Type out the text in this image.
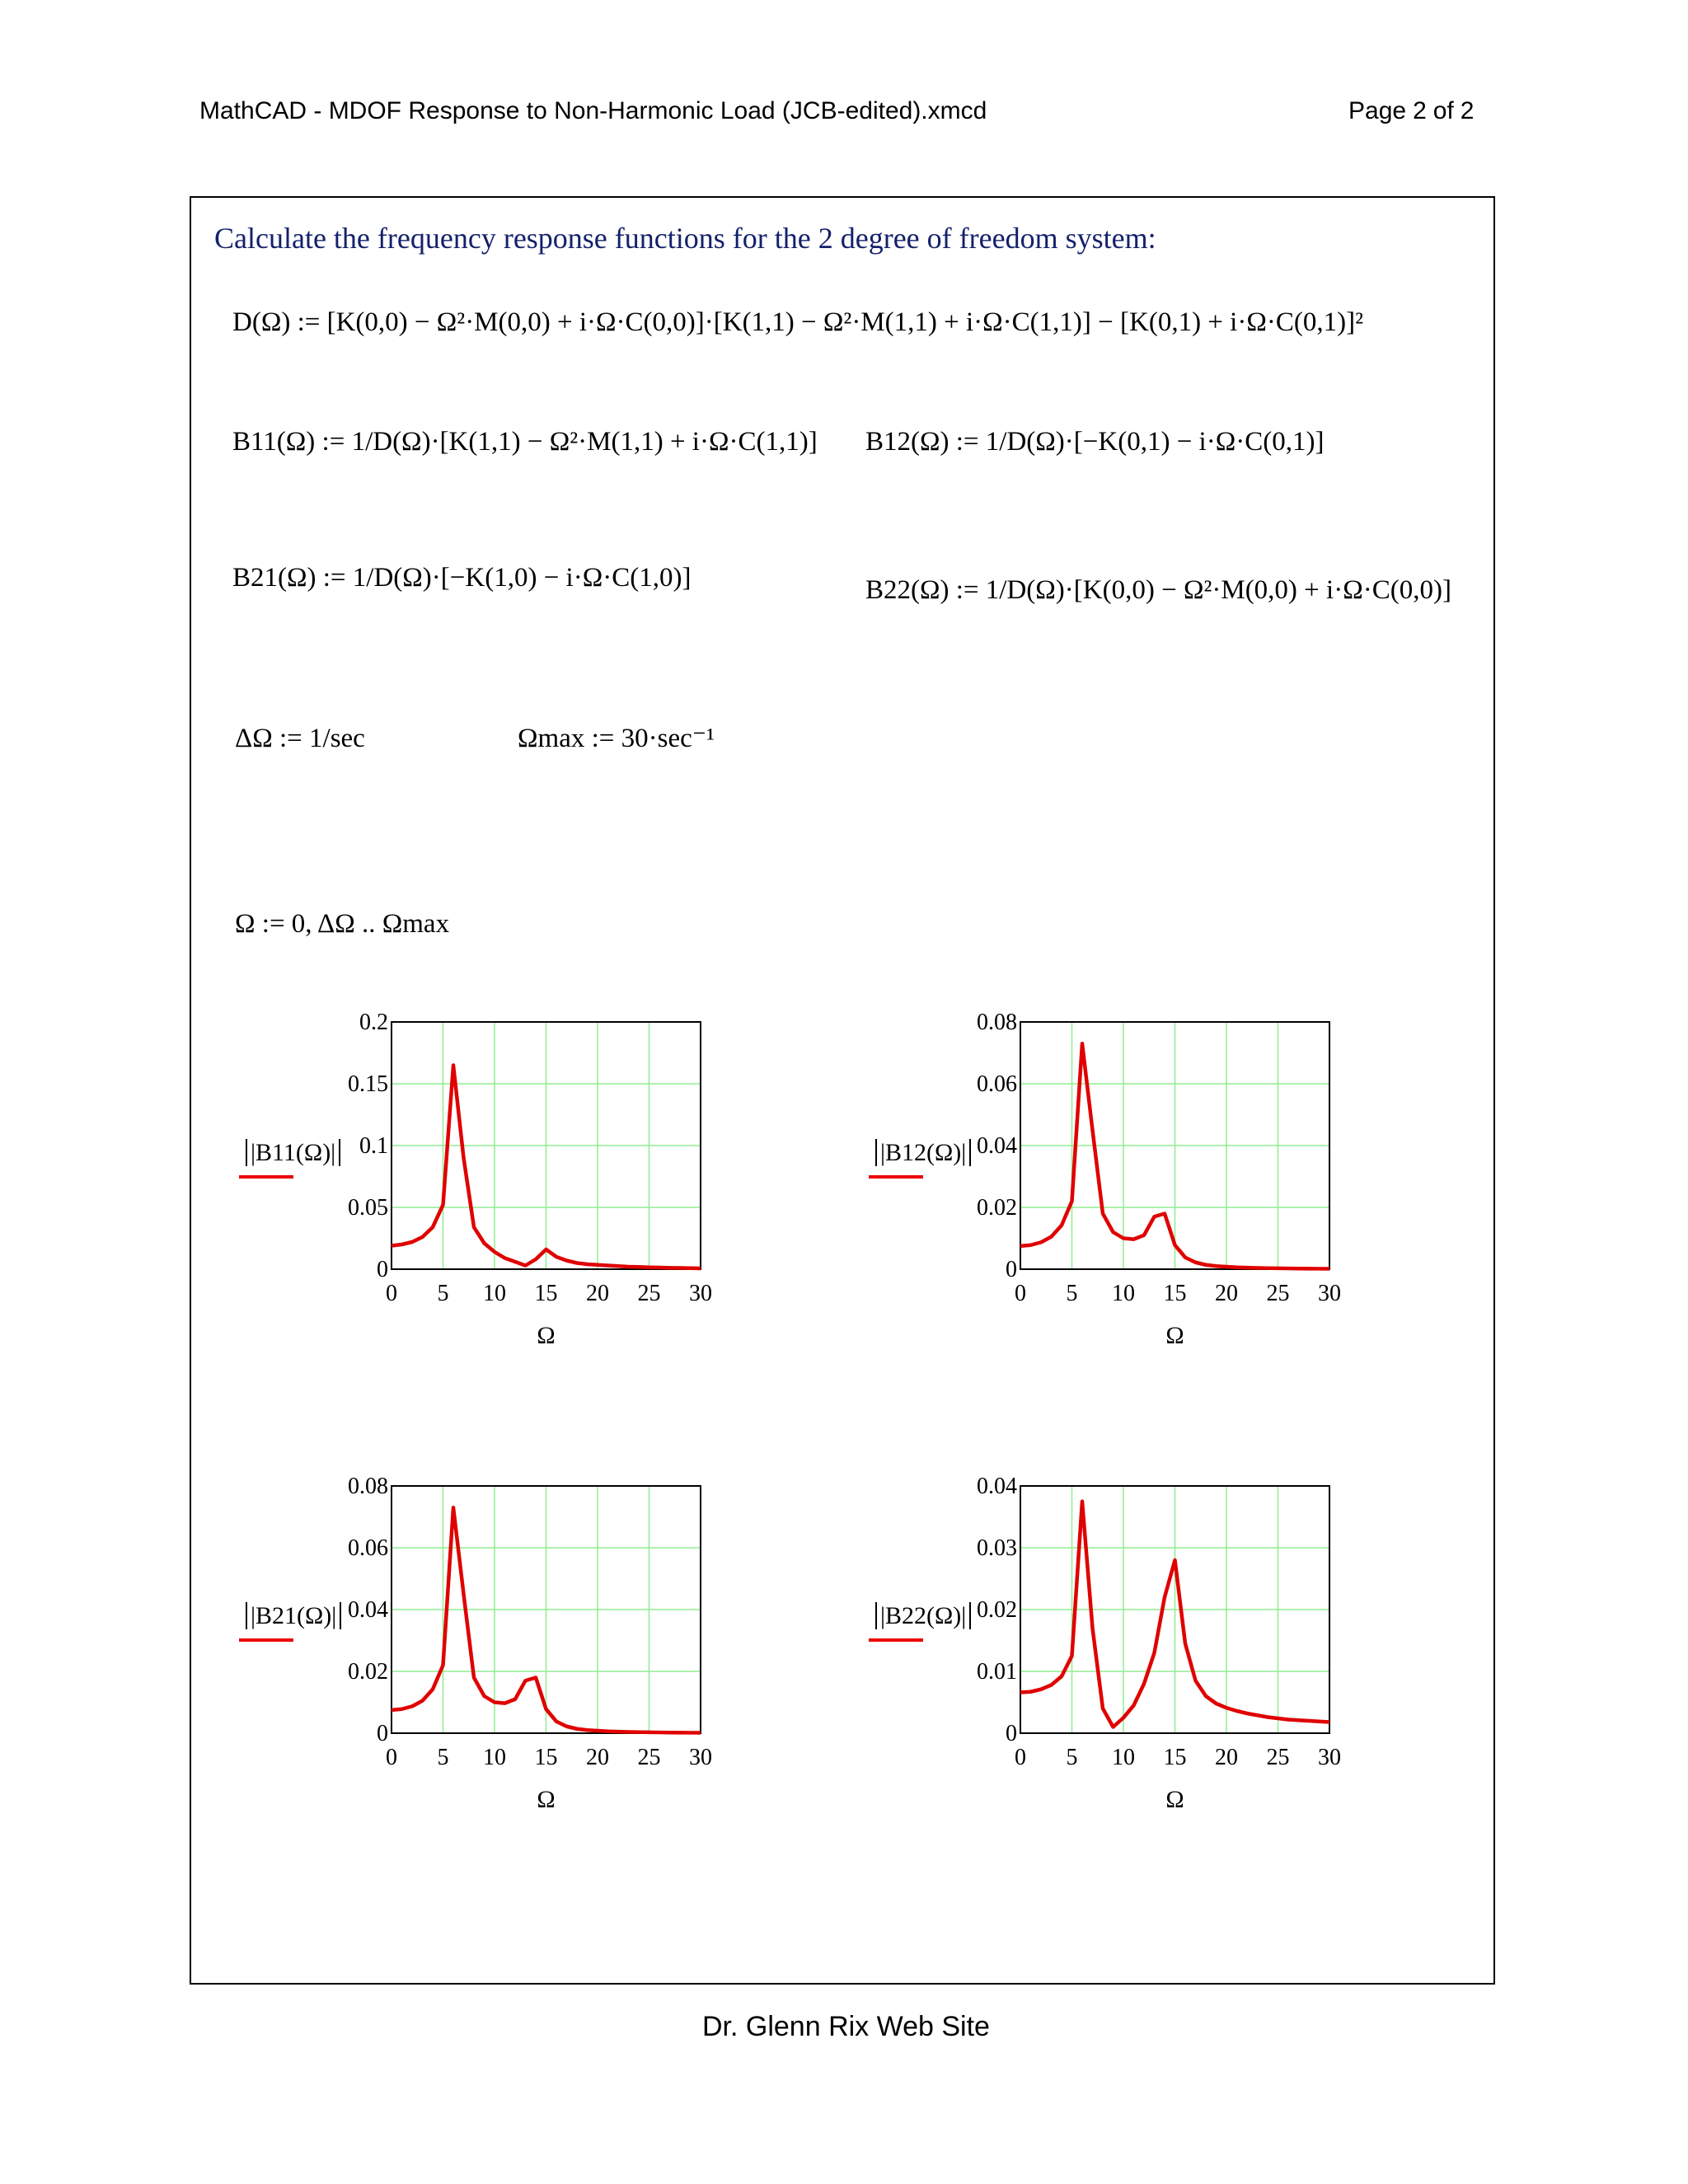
MathCAD - MDOF Response to Non-Harmonic Load (JCB-edited).xmcd	Page 2 of 2
Calculate the frequency response functions for the 2 degree of freedom system:
D(Ω) := [K(0,0) − Ω²·M(0,0) + i·Ω·C(0,0)]·[K(1,1) − Ω²·M(1,1) + i·Ω·C(1,1)] − [K(0,1) + i·Ω·C(0,1)]²
B11(Ω) := 1/D(Ω)·[K(1,1) − Ω²·M(1,1) + i·Ω·C(1,1)] B12(Ω) := 1/D(Ω)·[−K(0,1) − i·Ω·C(0,1)]
B21(Ω) := 1/D(Ω)·[−K(1,0) − i·Ω·C(1,0)]	B22(Ω) := 1/D(Ω)·[K(0,0) − Ω²·M(0,0) + i·Ω·C(0,0)]
ΔΩ := 1/sec	Ωmax := 30·sec⁻¹
Ω := 0, ΔΩ .. Ωmax
|B11(Ω)|	|B12(Ω)|
|B21(Ω)|	|B22(Ω)|
0 5 10 15 20 25 30
0
0.05
0.1
0.15
0.2
Ω
0 5 10 15 20 25 30
0
0.02
0.04
0.06
0.08
Ω
0 5 10 15 20 25 30
0
0.02
0.04
0.06
0.08
Ω
0 5 10 15 20 25 30
0
0.01
0.02
0.03
0.04
Ω
Dr. Glenn Rix Web Site
